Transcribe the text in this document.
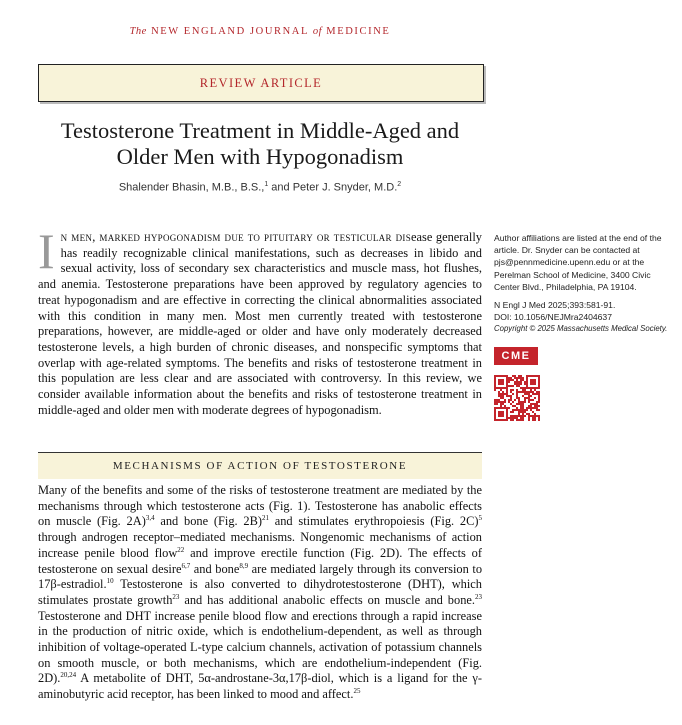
The NEW ENGLAND JOURNAL of MEDICINE
REVIEW ARTICLE
Testosterone Treatment in Middle-Aged and Older Men with Hypogonadism
Shalender Bhasin, M.B., B.S.,$^1$ and Peter J. Snyder, M.D.$^2$
In men, marked hypogonadism due to pituitary or testicular disease generally has readily recognizable clinical manifestations, such as decreases in libido and sexual activity, loss of secondary sex characteristics and muscle mass, hot flushes, and anemia. Testosterone preparations have been approved by regulatory agencies to treat hypogonadism and are effective in correcting the clinical abnormalities associated with this condition in many men. Most men currently treated with testosterone preparations, however, are middle-aged or older and have only moderately decreased testosterone levels, a high burden of chronic diseases, and nonspecific symptoms that overlap with age-related symptoms. The benefits and risks of testosterone treatment in this population are less clear and are associated with controversy. In this review, we consider available information about the benefits and risks of testosterone treatment in middle-aged and older men with moderate degrees of hypogonadism.
MECHANISMS OF ACTION OF TESTOSTERONE
Many of the benefits and some of the risks of testosterone treatment are mediated by the mechanisms through which testosterone acts (Fig. 1). Testosterone has anabolic effects on muscle (Fig. 2A)$^{3,4}$ and bone (Fig. 2B)$^{21}$ and stimulates erythropoiesis (Fig. 2C)$^5$ through androgen receptor–mediated mechanisms. Nongenomic mechanisms of action increase penile blood flow$^{22}$ and improve erectile function (Fig. 2D). The effects of testosterone on sexual desire$^{6,7}$ and bone$^{8,9}$ are mediated largely through its conversion to 17β-estradiol.$^{10}$ Testosterone is also converted to dihydrotestosterone (DHT), which stimulates prostate growth$^{23}$ and has additional anabolic effects on muscle and bone.$^{23}$ Testosterone and DHT increase penile blood flow and erections through a rapid increase in the production of nitric oxide, which is endothelium-dependent, as well as through inhibition of voltage-operated L-type calcium channels, activation of potassium channels on smooth muscle, or both mechanisms, which are endothelium-independent (Fig. 2D).$^{20,24}$ A metabolite of DHT, 5α-androstane-3α,17β-diol, which is a ligand for the γ-aminobutyric acid receptor, has been linked to mood and affect.$^{25}$

Author affiliations are listed at the end of the article. Dr. Snyder can be contacted at pjs@pennmedicine.upenn.edu or at the Perelman School of Medicine, 3400 Civic Center Blvd., Philadelphia, PA 19104.

N Engl J Med 2025;393:581-91.

DOI: 10.1056/NEJMra2404637

Copyright © 2025 Massachusetts Medical Society.

CME
